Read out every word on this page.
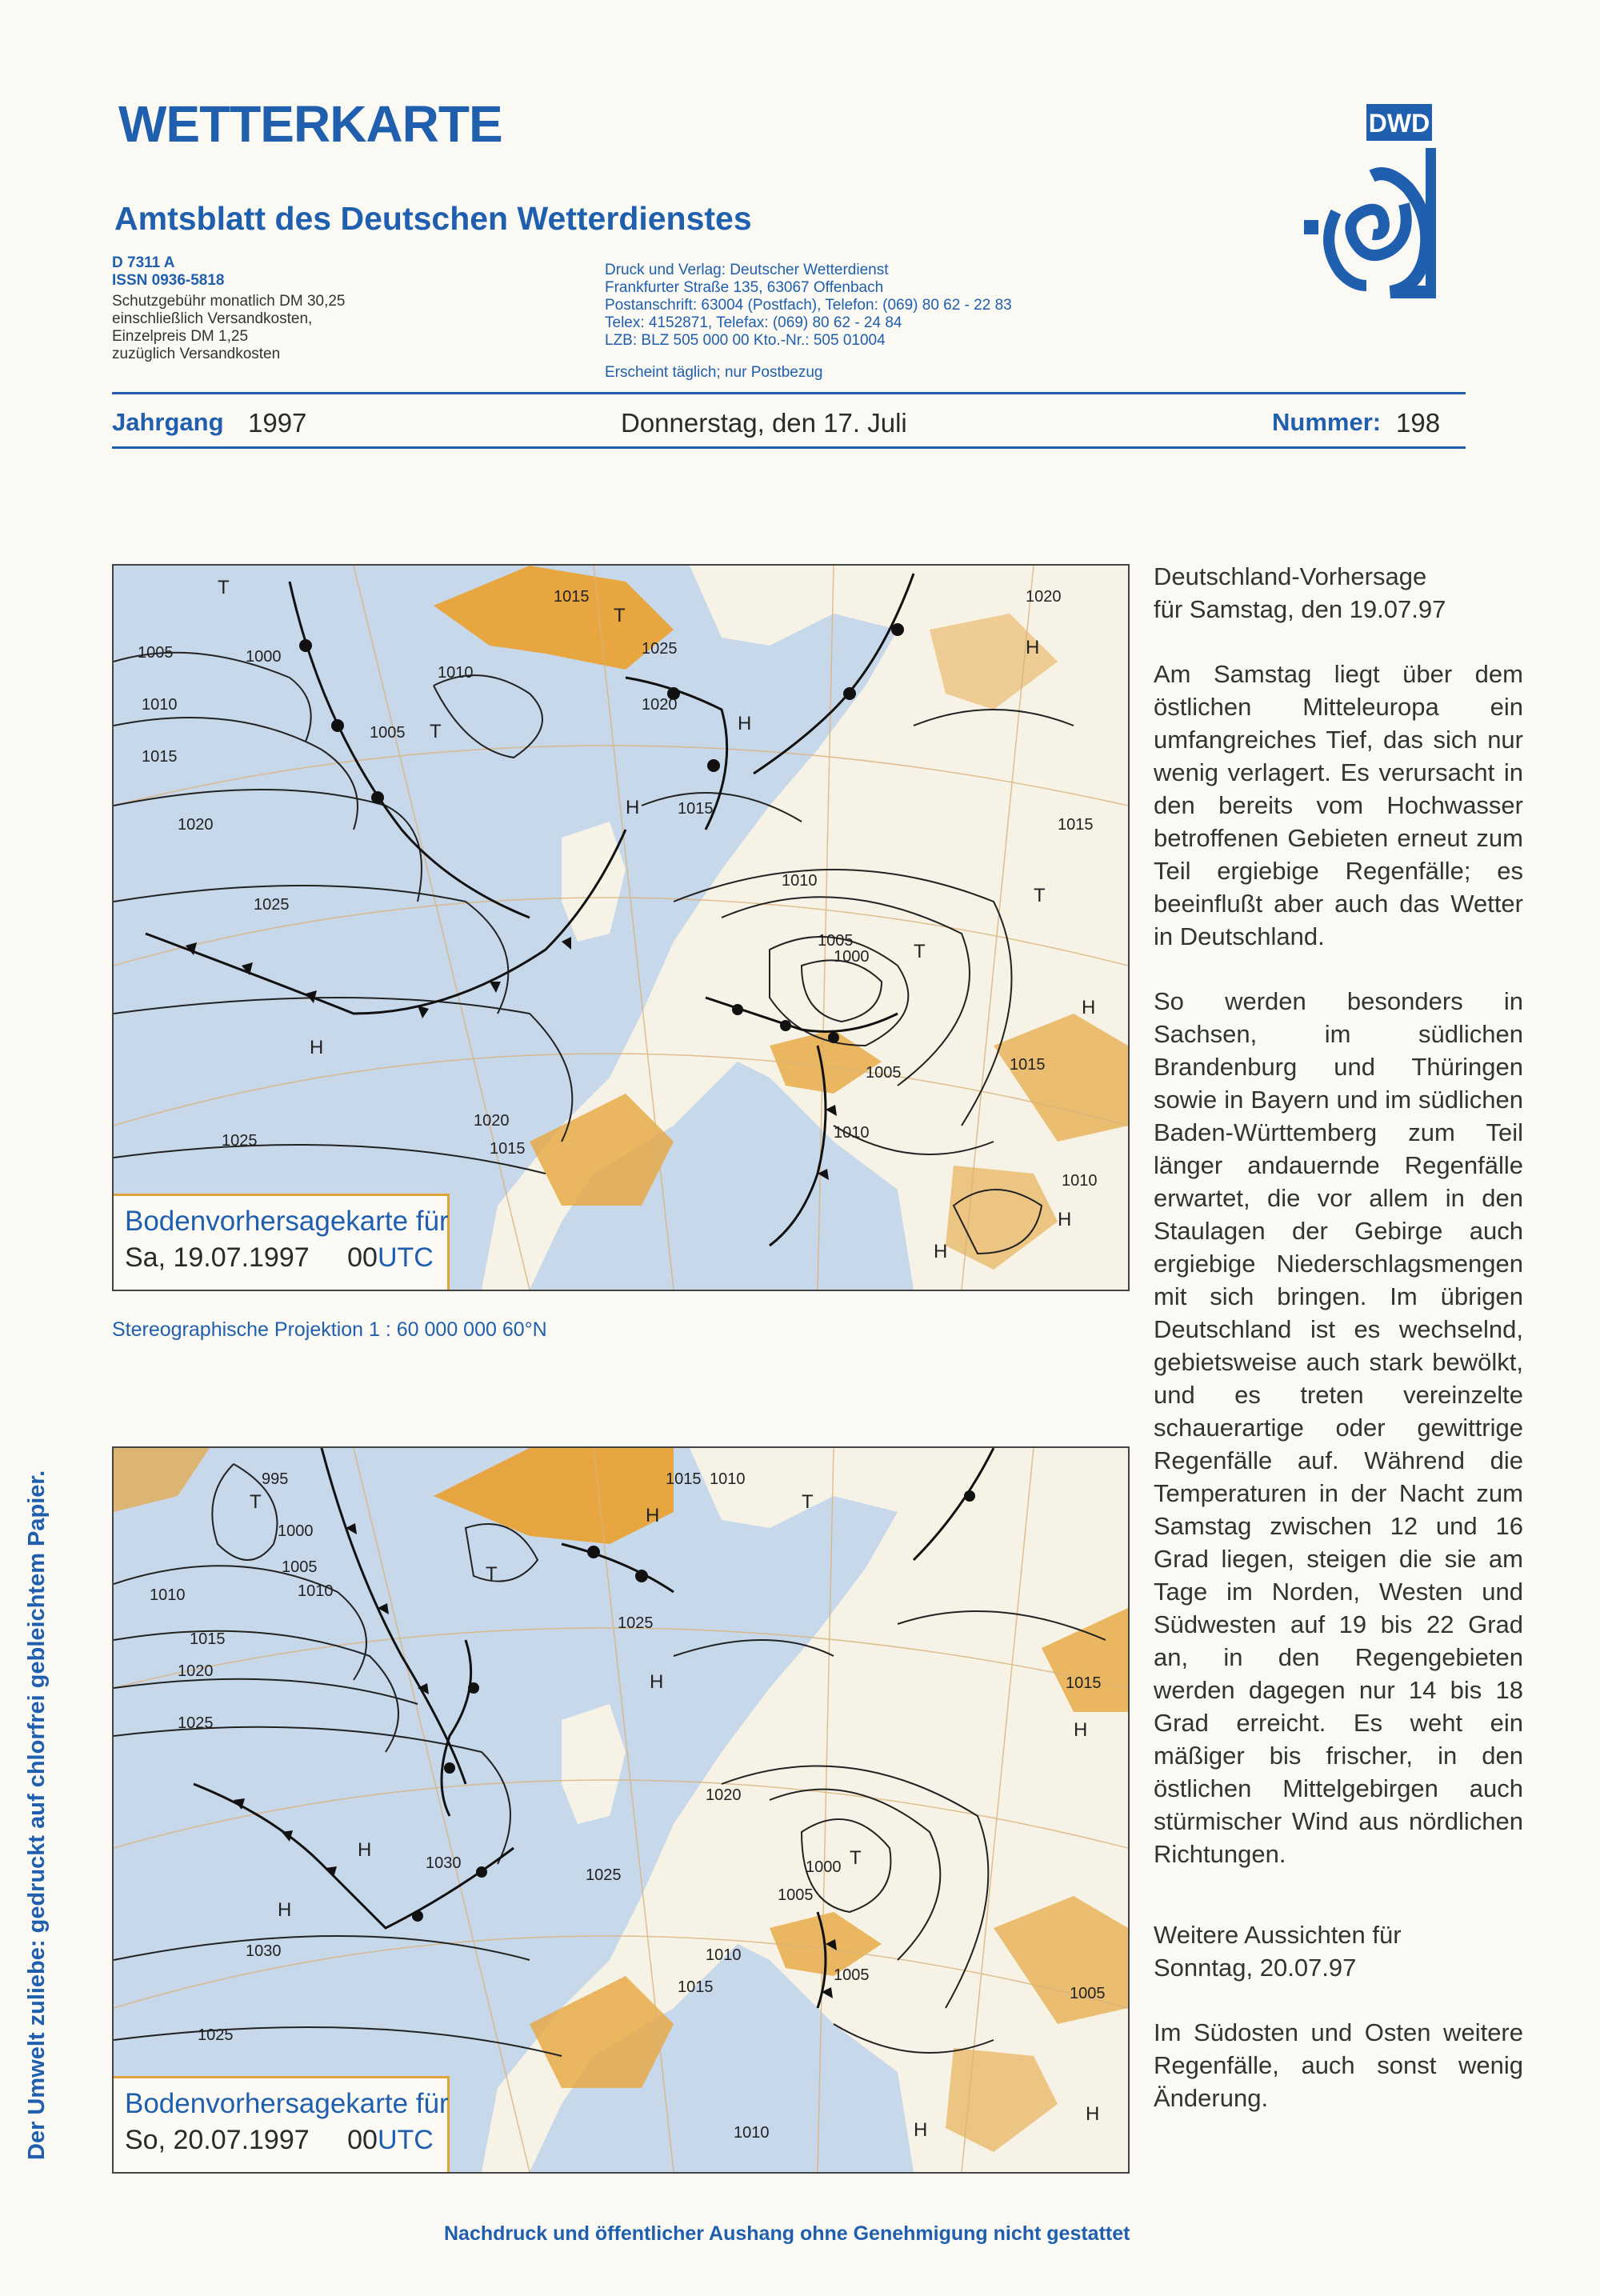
WETTERKARTE
Amtsblatt des Deutschen Wetterdienstes
D 7311 A
ISSN 0936-5818
Schutzgebühr monatlich DM 30,25
einschließlich Versandkosten,
Einzelpreis DM 1,25
zuzüglich Versandkosten
Druck und Verlag: Deutscher Wetterdienst
Frankfurter Straße 135, 63067 Offenbach
Postanschrift: 63004 (Postfach), Telefon: (069) 80 62 - 22 83
Telex: 4152871, Telefax: (069) 80 62 - 24 84
LZB: BLZ 505 000 00 Kto.-Nr.: 505 01004
Erscheint täglich; nur Postbezug
DWD
Jahrgang 1997	Donnerstag, den 17. Juli	Nummer: 198
1005	1000
1010
1015
1020
1025
1010
1005
1015
1020
1025
1015
1010
1005
1000
1015
1020
1015
1010
1010
1005
1015
1025
1020
T
T	H
H
H
H
T
T
H
H
H
T
Bodenvorhersagekarte für
Sa, 19.07.1997 00UTC
Stereographische Projektion 1 : 60 000 000 60°N
995
1000
1005
1010	1010
1015
1020
1025
1015 1010
1025
1030
1030
1025
1020
1025	1000
1005
1010
1005
1015
1010
1005
1015
T
T
H
T
H
H
H
H
T
H
H
Bodenvorhersagekarte für
So, 20.07.1997 00UTC
Deutschland-Vorhersage
für Samstag, den 19.07.97

Am Samstag liegt über dem östlichen Mitteleuropa ein umfangreiches Tief, das sich nur wenig verlagert. Es verursacht in den bereits vom Hochwasser betroffenen Gebieten erneut zum Teil ergiebige Regenfälle; es beeinflußt aber auch das Wetter in Deutschland.

So werden besonders in Sachsen, im südlichen Brandenburg und Thüringen sowie in Bayern und im südlichen Baden-Württemberg zum Teil länger andauernde Regenfälle erwartet, die vor allem in den Staulagen der Gebirge auch ergiebige Niederschlagsmengen mit sich bringen. Im übrigen Deutschland ist es wechselnd, gebietsweise auch stark bewölkt, und es treten vereinzelte schauerartige oder gewittrige Regenfälle auf. Während die Temperaturen in der Nacht zum Samstag zwischen 12 und 16 Grad liegen, steigen die sie am Tage im Norden, Westen und Südwesten auf 19 bis 22 Grad an, in den Regengebieten werden dagegen nur 14 bis 18 Grad erreicht. Es weht ein mäßiger bis frischer, in den östlichen Mittelgebirgen auch stürmischer Wind aus nördlichen Richtungen.

Weitere Aussichten für
Sonntag, 20.07.97

Im Südosten und Osten weitere Regenfälle, auch sonst wenig Änderung.

Der Umwelt zuliebe: gedruckt auf chlorfrei gebleichtem Papier.
Nachdruck und öffentlicher Aushang ohne Genehmigung nicht gestattet
